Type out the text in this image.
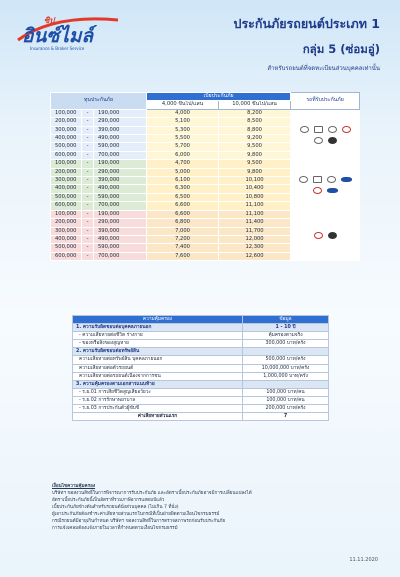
ซิป
อินซ์ไมล์
Insurance & Broker Service
ประกันภัยรถยนต์ประเภท 1
กลุ่ม 5 (ซ่อมอู่)
สำหรับรถยนต์ที่จดทะเบียนส่วนบุคคลเท่านั้น
ทุนประกันภัย			เบี้ยประกันภัย		รถที่รับประกันภัย
			4,000 ขึ้นไป/แสน	10,000 ขึ้นไป/แสน	
100,000	-	190,000	4,000	8,200	

200,000	-	290,000	5,100	8,500	
300,000	-	390,000	5,300	8,800	
400,000	-	490,000	5,500	9,200	
500,000	-	590,000	5,700	9,500	
600,000	-	700,000	6,000	9,800	
100,000	-	190,000	4,700	9,500	

200,000	-	290,000	5,000	9,800	
300,000	-	390,000	6,100	10,100	
400,000	-	490,000	6,300	10,400	
500,000	-	590,000	6,500	10,800	
600,000	-	700,000	6,600	11,100	
100,000	-	190,000	6,600	11,100	

200,000	-	290,000	6,800	11,400	
300,000	-	390,000	7,000	11,700	
400,000	-	490,000	7,200	12,000	
500,000	-	590,000	7,400	12,300	
600,000	-	700,000	7,600	12,600	
ความคุ้มครอง	ข้อมูล
1. ความรับผิดชอบต่อบุคคลภายนอก	1 - 10 ปี
- ความเสียหายต่อชีวิต ร่างกาย	คุ้มครองตามจริง
- ของหรือสิ่งของสูญหาย	300,000 บาท/ครั้ง
2. ความรับผิดชอบต่อทรัพย์สิน	
ความเสียหายต่อทรัพย์สิน บุคคลภายนอก	500,000 บาท/ครั้ง
ความเสียหายต่อตัวรถยนต์	10,000,000 บาท/ครั้ง
ความเสียหายต่อรถยนต์เนื่องจากการชน	1,000,000 บาท/ครั้ง
3. ความคุ้มครองตามเอกสารแนบท้าย	
- ร.ย.01 การเสียชีวิตสูญเสียอวัยวะ	100,000 บาท/คน
- ร.ย.02 การรักษาพยาบาล	100,000 บาท/คน
- ร.ย.03 การประกันตัวผู้ขับขี่	200,000 บาท/ครั้ง
ค่าเสียหายส่วนแรก	7
เงื่อนไขความคุ้มครอง
บริษัทฯ ขอสงวนสิทธิ์ในการพิจารณาการรับประกันภัย และอัตราเบี้ยประกันภัยอาจมีการเปลี่ยนแปลงได้
อัตราเบี้ยประกันภัยนี้เป็นอัตราที่รวมภาษีอากรแสตมป์แล้ว
เบี้ยประกันภัยข้างต้นสำหรับรถยนต์นั่งส่วนบุคคล (ไม่เกิน 7 ที่นั่ง)
ผู้เอาประกันภัยต้องชำระค่าเสียหายส่วนแรกในกรณีที่เป็นฝ่ายผิดตามเงื่อนไขกรมธรรม์
กรณีรถยนต์มีอายุเกินกำหนด บริษัทฯ ขอสงวนสิทธิ์ในการตรวจสภาพรถก่อนรับประกันภัย
การแจ้งเคลมต้องแจ้งภายในเวลาที่กำหนดตามเงื่อนไขกรมธรรม์
11.11.2020
